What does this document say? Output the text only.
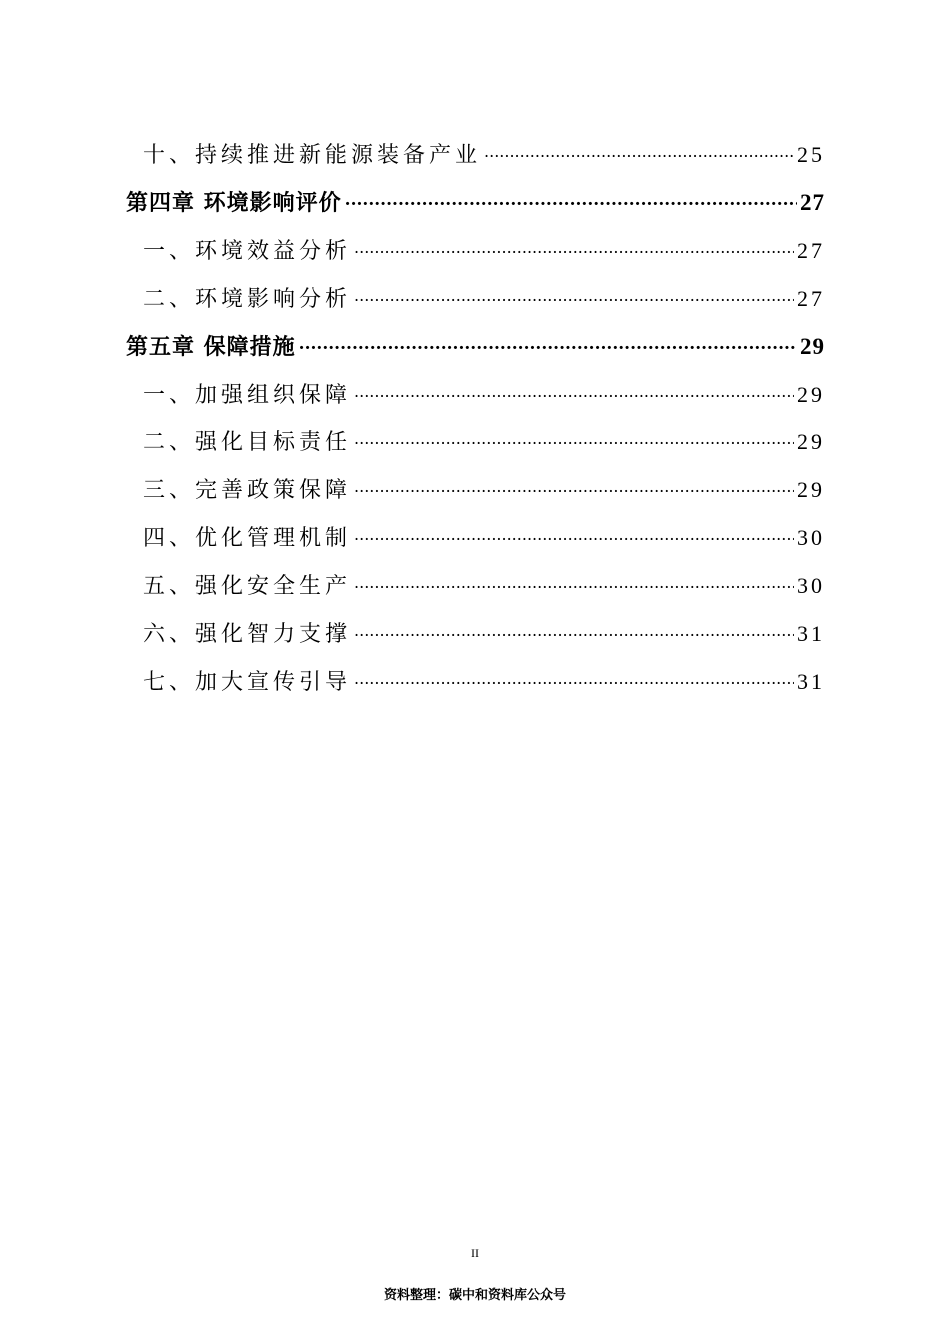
十、持续推进新能源装备产业 .....	25
第四章 环境影响评价 .....	27
一、环境效益分析 .....	27
二、环境影响分析 .....	27
第五章 保障措施 .....	29
一、加强组织保障 .....	29
二、强化目标责任 .....	29
三、完善政策保障 .....	29
四、优化管理机制 .....	30
五、强化安全生产 .....	30
六、强化智力支撑 .....	31
七、加大宣传引导 .....	31
II
资料整理：碳中和资料库公众号
